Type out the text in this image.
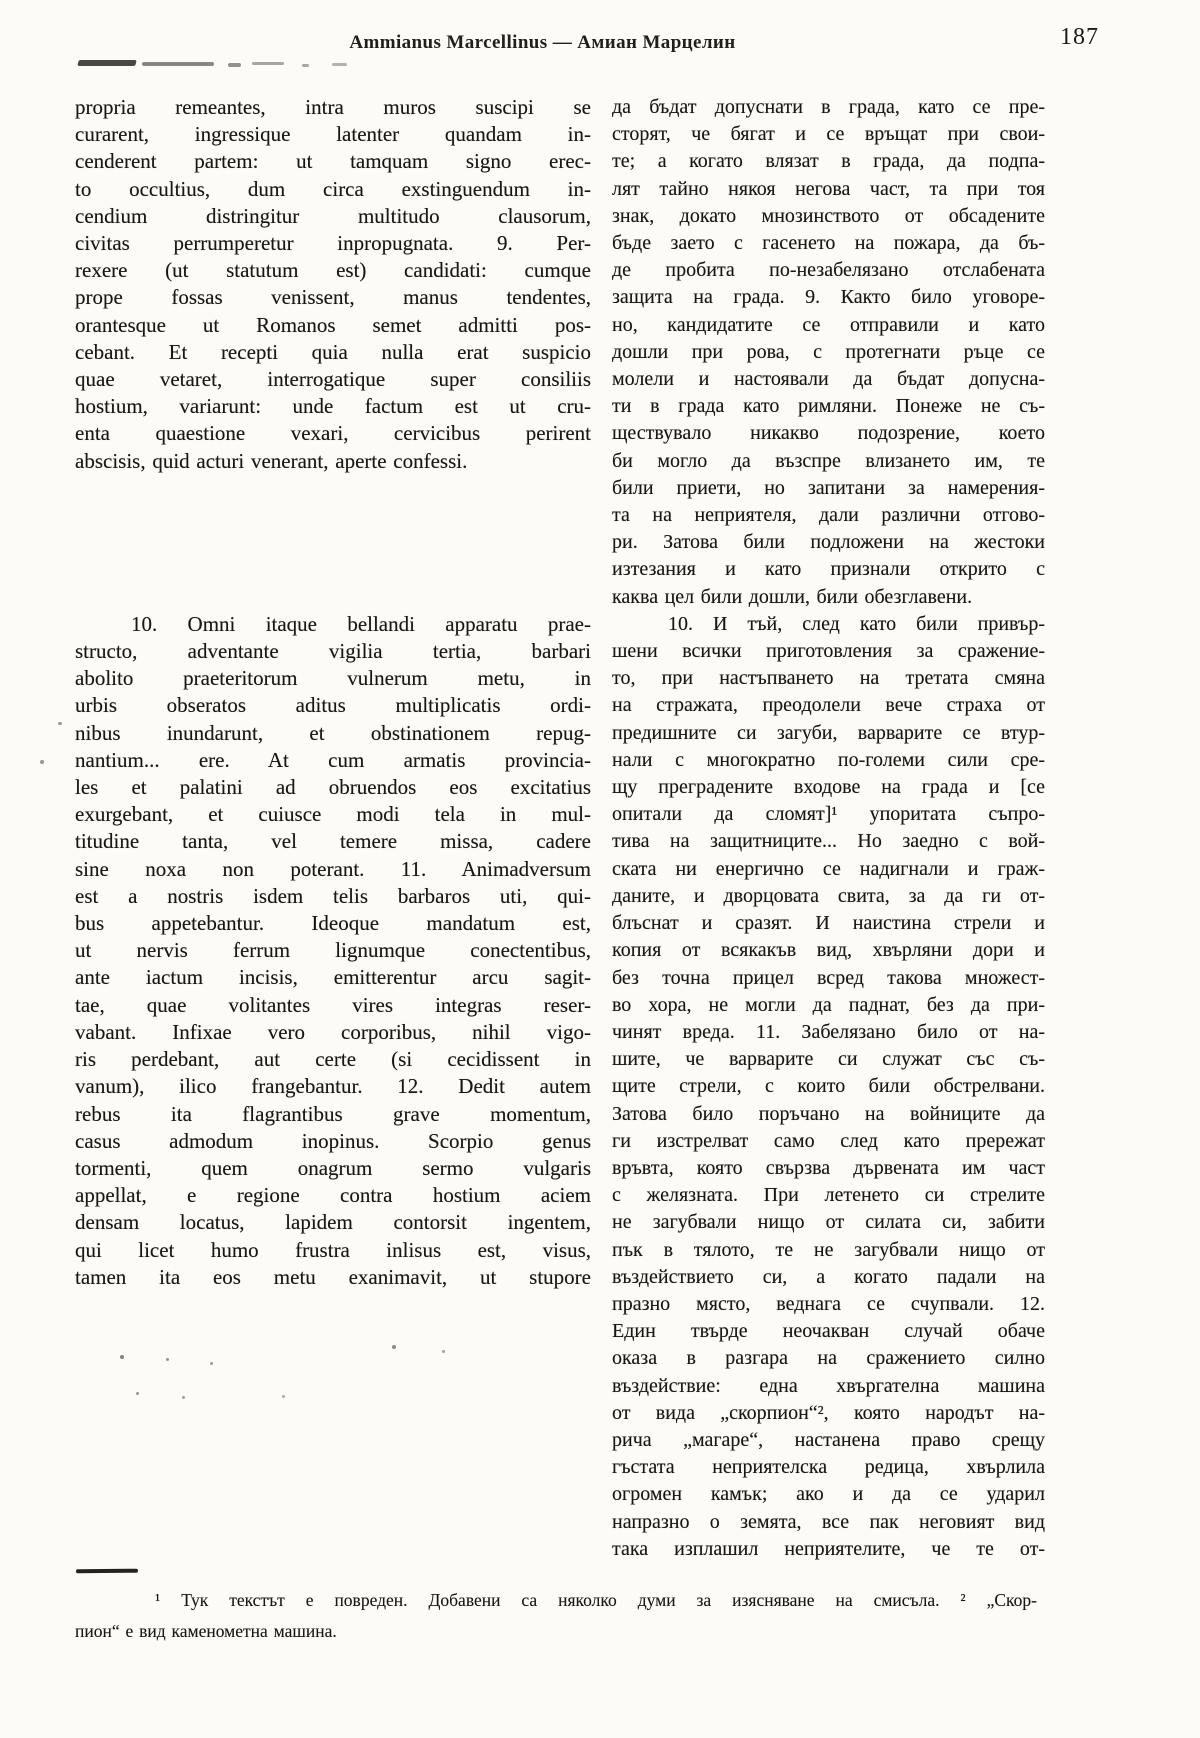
Ammianus Marcellinus — Амиан Марцелин	187
propria remeantes, intra muros suscipi se
curarent, ingressique latenter quandam in-
cenderent partem: ut tamquam signo erec-
to occultius, dum circa exstinguendum in-
cendium distringitur multitudo clausorum,
civitas perrumperetur inpropugnata. 9. Per-
rexere (ut statutum est) candidati: cumque
prope fossas venissent, manus tendentes,
orantesque ut Romanos semet admitti pos-
cebant. Et recepti quia nulla erat suspicio
quae vetaret, interrogatique super consiliis
hostium, variarunt: unde factum est ut cru-
enta quaestione vexari, cervicibus perirent
abscisis, quid acturi venerant, aperte confessi.
10. Omni itaque bellandi apparatu prae-
structo, adventante vigilia tertia, barbari
abolito praeteritorum vulnerum metu, in
urbis obseratos aditus multiplicatis ordi-
nibus inundarunt, et obstinationem repug-
nantium... ere. At cum armatis provincia-
les et palatini ad obruendos eos excitatius
exurgebant, et cuiusce modi tela in mul-
titudine tanta, vel temere missa, cadere
sine noxa non poterant. 11. Animadversum
est a nostris isdem telis barbaros uti, qui-
bus appetebantur. Ideoque mandatum est,
ut nervis ferrum lignumque conectentibus,
ante iactum incisis, emitterentur arcu sagit-
tae, quae volitantes vires integras reser-
vabant. Infixae vero corporibus, nihil vigo-
ris perdebant, aut certe (si cecidissent in
vanum), ilico frangebantur. 12. Dedit autem
rebus ita flagrantibus grave momentum,
casus admodum inopinus. Scorpio genus
tormenti, quem onagrum sermo vulgaris
appellat, e regione contra hostium aciem
densam locatus, lapidem contorsit ingentem,
qui licet humo frustra inlisus est, visus,
tamen ita eos metu exanimavit, ut stupore
да бъдат допуснати в града, като се пре-
сторят, че бягат и се връщат при свои-
те; а когато влязат в града, да подпа-
лят тайно някоя негова част, та при тоя
знак, докато мнозинството от обсадените
бъде заето с гасенето на пожара, да бъ-
де пробита по-незабелязано отслабената
защита на града. 9. Както било уговоре-
но, кандидатите се отправили и като
дошли при рова, с протегнати ръце се
молели и настоявали да бъдат допусна-
ти в града като римляни. Понеже не съ-
ществувало никакво подозрение, което
би могло да възспре влизането им, те
били приети, но запитани за намерения-
та на неприятеля, дали различни отгово-
ри. Затова били подложени на жестоки
изтезания и като признали открито с
каква цел били дошли, били обезглавени.
10. И тъй, след като били привър-
шени всички приготовления за сражение-
то, при настъпването на третата смяна
на стражата, преодолели вече страха от
предишните си загуби, варварите се втур-
нали с многократно по-големи сили сре-
щу преградените входове на града и [се
опитали да сломят]¹ упоритата съпро-
тива на защитниците... Но заедно с вой-
ската ни енергично се надигнали и граж-
даните, и дворцовата свита, за да ги от-
блъснат и сразят. И наистина стрели и
копия от всякакъв вид, хвърляни дори и
без точна прицел всред такова множест-
во хора, не могли да паднат, без да при-
чинят вреда. 11. Забелязано било от на-
шите, че варварите си служат със съ-
щите стрели, с които били обстрелвани.
Затова било поръчано на войниците да
ги изстрелват само след като прережат
връвта, която свързва дървената им част
с желязната. При летенето си стрелите
не загубвали нищо от силата си, забити
пък в тялото, те не загубвали нищо от
въздействието си, а когато падали на
празно място, веднага се счупвали. 12.
Един твърде неочакван случай обаче
оказа в разгара на сражението силно
въздействие: една хвъргателна машина
от вида „скорпион“², която народът на-
рича „магаре“, настанена право срещу
гъстата неприятелска редица, хвърлила
огромен камък; ако и да се ударил
напразно о земята, все пак неговият вид
така изплашил неприятелите, че те от-
¹ Тук текстът е повреден. Добавени са няколко думи за изясняване на смисъла. ² „Скор-
пион“ е вид каменометна машина.
